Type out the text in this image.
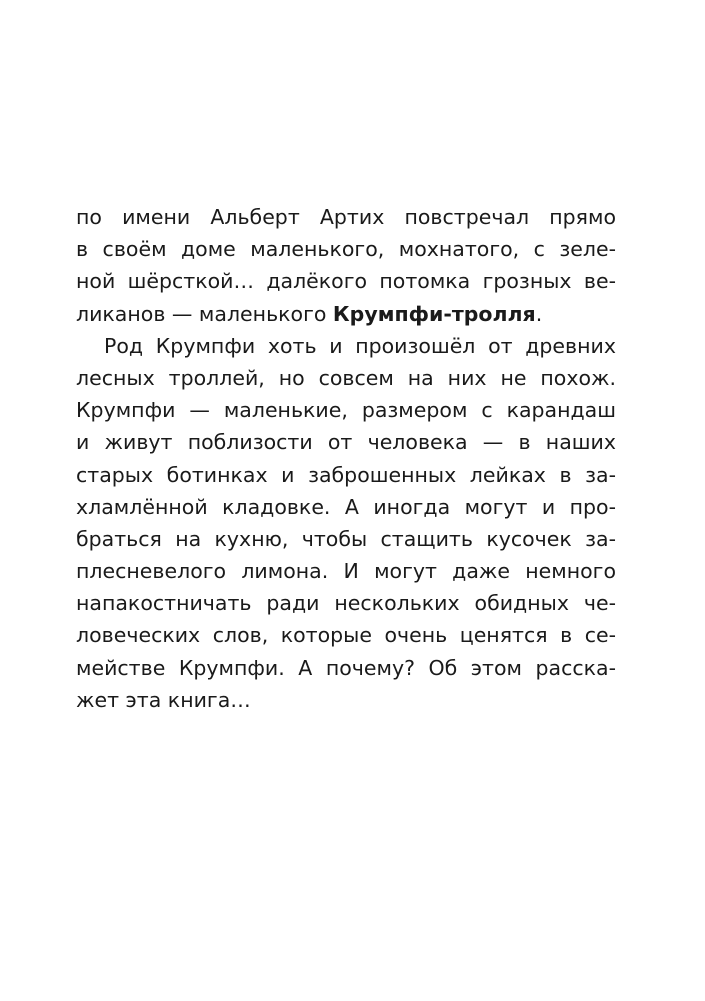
по имени Альберт Артих повстречал прямо
в своём доме маленького, мохнатого, с зеле-
ной шёрсткой… далёкого потомка грозных ве-
ликанов — маленького Крумпфи-тролля.
Род Крумпфи хоть и произошёл от древних
лесных троллей, но совсем на них не похож.
Крумпфи — маленькие, размером с карандаш
и живут поблизости от человека — в наших
старых ботинках и заброшенных лейках в за-
хламлённой кладовке. А иногда могут и про-
браться на кухню, чтобы стащить кусочек за-
плесневелого лимона. И могут даже немного
напакостничать ради нескольких обидных че-
ловеческих слов, которые очень ценятся в се-
мействе Крумпфи. А почему? Об этом расска-
жет эта книга…
